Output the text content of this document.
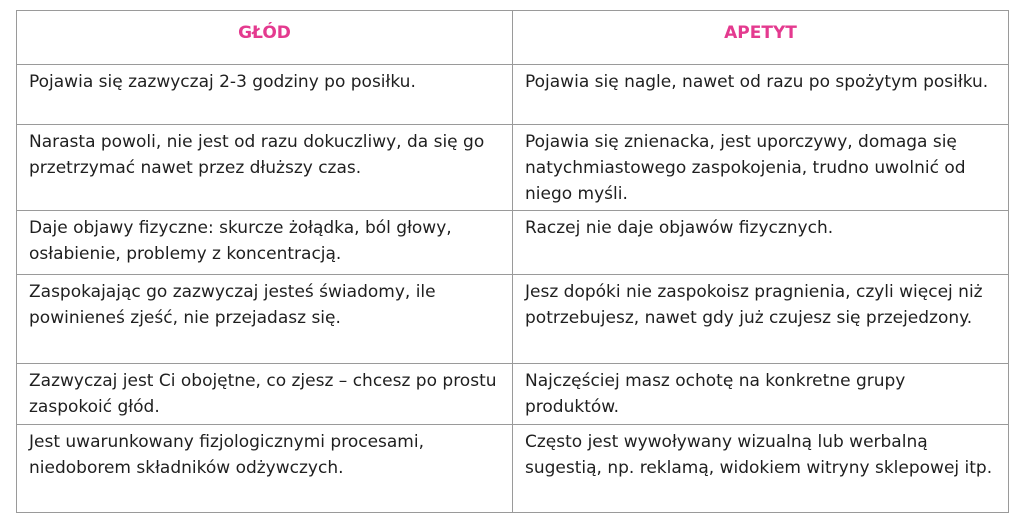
GŁÓD	APETYT
Pojawia się zazwyczaj 2-3 godziny po posiłku.	Pojawia się nagle, nawet od razu po spożytym posiłku.
Narasta powoli, nie jest od razu dokuczliwy, da się go przetrzymać nawet przez dłuższy czas.	Pojawia się znienacka, jest uporczywy, domaga się natychmiastowego zaspokojenia, trudno uwolnić od niego myśli.
Daje objawy fizyczne: skurcze żołądka, ból głowy, osłabienie, problemy z koncentracją.	Raczej nie daje objawów fizycznych.
Zaspokajając go zazwyczaj jesteś świadomy, ile powinieneś zjeść, nie przejadasz się.	Jesz dopóki nie zaspokoisz pragnienia, czyli więcej niż potrzebujesz, nawet gdy już czujesz się przejedzony.
Zazwyczaj jest Ci obojętne, co zjesz – chcesz po prostu zaspokoić głód.	Najczęściej masz ochotę na konkretne grupy produktów.
Jest uwarunkowany fizjologicznymi procesami, niedoborem składników odżywczych.	Często jest wywoływany wizualną lub werbalną sugestią, np. reklamą, widokiem witryny sklepowej itp.
